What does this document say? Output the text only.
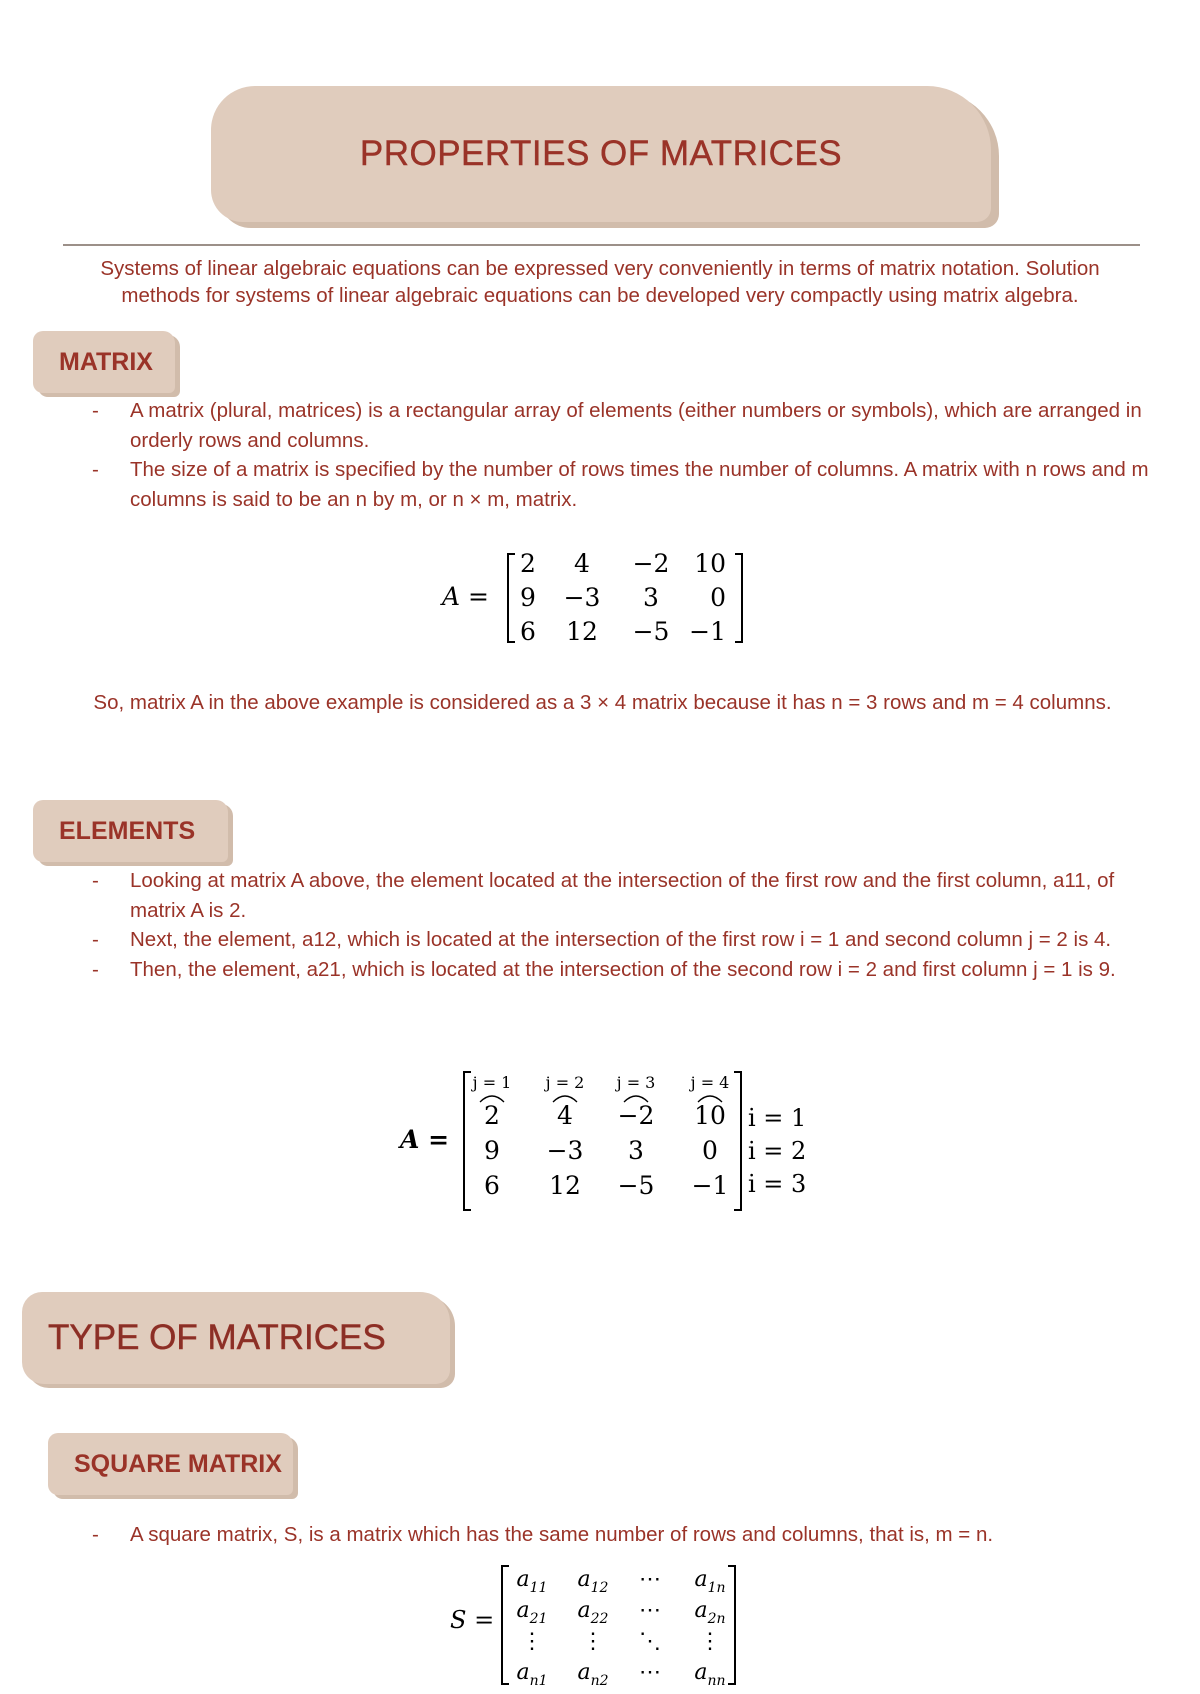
PROPERTIES OF MATRICES
Systems of linear algebraic equations can be expressed very conveniently in terms of matrix notation. Solution
methods for systems of linear algebraic equations can be developed very compactly using matrix algebra.
MATRIX
- A matrix (plural, matrices) is a rectangular array of elements (either numbers or symbols), which are arranged in orderly rows and columns.
- The size of a matrix is specified by the number of rows times the number of columns. A matrix with n rows and m columns is said to be an n by m, or n × m, matrix.
A =
2 4 −2 10
9 −3 3 0
6 12 −5 −1
So, matrix A in the above example is considered as a 3 × 4 matrix because it has n = 3 rows and m = 4 columns.
ELEMENTS
- Looking at matrix A above, the element located at the intersection of the first row and the first column, a11, of matrix A is 2.
- Next, the element, a12, which is located at the intersection of the first row i = 1 and second column j = 2 is 4.
- Then, the element, a21, which is located at the intersection of the second row i = 2 and first column j = 1 is 9.
A =
j = 1 j = 2 j = 3 j = 4
2 4 −2 10
9 −3 3 0
6 12 −5 −1
i = 1
i = 2
i = 3
TYPE OF MATRICES
SQUARE MATRIX
- A square matrix, S, is a matrix which has the same number of rows and columns, that is, m = n.
S =
$a_{11}$ $a_{12}$ ⋯ $a_{1n}$
$a_{21}$ $a_{22}$ ⋯ $a_{2n}$
⋮ ⋮ ⋱ ⋮
$a_{n1}$ $a_{n2}$ ⋯ $a_{nn}$
